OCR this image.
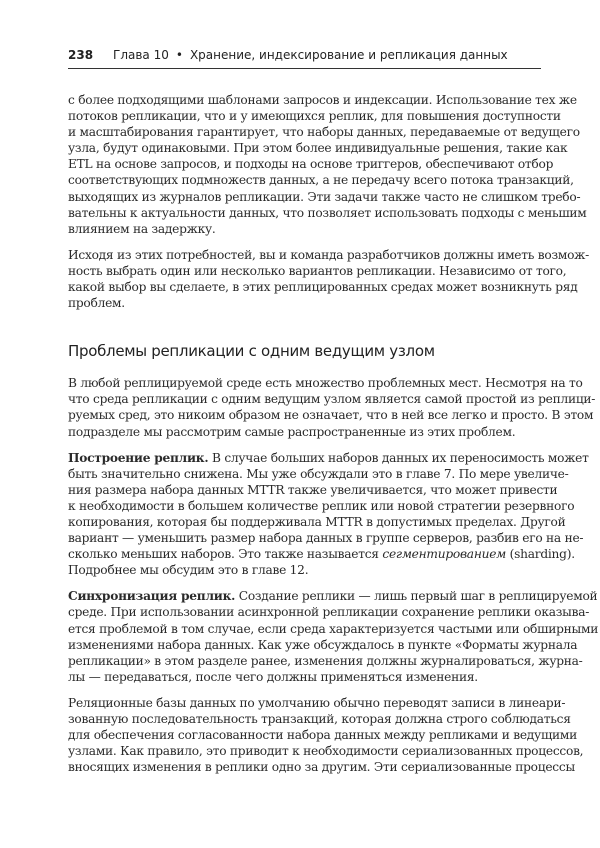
238 Глава 10 • Хранение, индексирование и репликация данных
с более подходящими шаблонами запросов и индексации. Использование тех же
потоков репликации, что и у имеющихся реплик, для повышения доступности
и масштабирования гарантирует, что наборы данных, передаваемые от ведущего
узла, будут одинаковыми. При этом более индивидуальные решения, такие как
ETL на основе запросов, и подходы на основе триггеров, обеспечивают отбор
соответствующих подмножеств данных, а не передачу всего потока транзакций,
выходящих из журналов репликации. Эти задачи также часто не слишком требо-
вательны к актуальности данных, что позволяет использовать подходы с меньшим
влиянием на задержку.
Исходя из этих потребностей, вы и команда разработчиков должны иметь возмож-
ность выбрать один или несколько вариантов репликации. Независимо от того,
какой выбор вы сделаете, в этих реплицированных средах может возникнуть ряд
проблем.
Проблемы репликации с одним ведущим узлом
В любой реплицируемой среде есть множество проблемных мест. Несмотря на то
что среда репликации с одним ведущим узлом является самой простой из реплици-
руемых сред, это никоим образом не означает, что в ней все легко и просто. В этом
подразделе мы рассмотрим самые распространенные из этих проблем.
Построение реплик. В случае больших наборов данных их переносимость может
быть значительно снижена. Мы уже обсуждали это в главе 7. По мере увеличе-
ния размера набора данных MTTR также увеличивается, что может привести
к необходимости в большем количестве реплик или новой стратегии резервного
копирования, которая бы поддерживала MTTR в допустимых пределах. Другой
вариант — уменьшить размер набора данных в группе серверов, разбив его на не-
сколько меньших наборов. Это также называется сегментированием (sharding).
Подробнее мы обсудим это в главе 12.
Синхронизация реплик. Создание реплики — лишь первый шаг в реплицируемой
среде. При использовании асинхронной репликации сохранение реплики оказыва-
ется проблемой в том случае, если среда характеризуется частыми или обширными
изменениями набора данных. Как уже обсуждалось в пункте «Форматы журнала
репликации» в этом разделе ранее, изменения должны журналироваться, журна-
лы — передаваться, после чего должны применяться изменения.
Реляционные базы данных по умолчанию обычно переводят записи в линеари-
зованную последовательность транзакций, которая должна строго соблюдаться
для обеспечения согласованности набора данных между репликами и ведущими
узлами. Как правило, это приводит к необходимости сериализованных процессов,
вносящих изменения в реплики одно за другим. Эти сериализованные процессы
